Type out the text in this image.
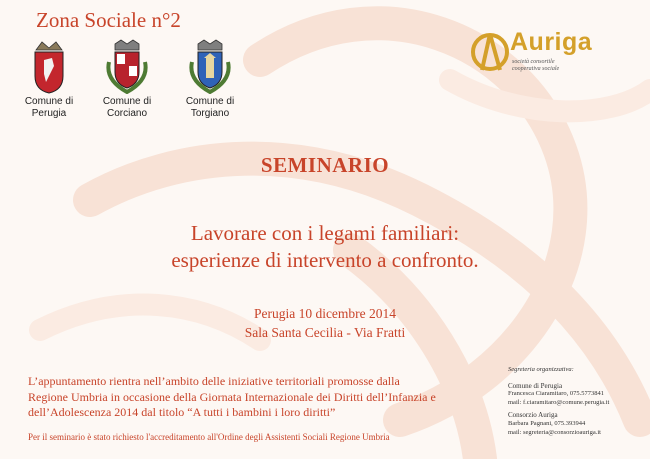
Zona Sociale n°2
Comune di
Perugia
Comune di
Corciano
Comune di
Torgiano
Auriga
società consortile
cooperativa sociale
SEMINARIO
Lavorare con i legami familiari:
esperienze di intervento a confronto.
Perugia 10 dicembre 2014
Sala Santa Cecilia - Via Fratti
L’appuntamento rientra nell’ambito delle iniziative territoriali promosse dalla
Regione Umbria in occasione della Giornata Internazionale dei Diritti dell’Infanzia e
dell’Adolescenza 2014 dal titolo “A tutti i bambini i loro diritti”
Per il seminario è stato richiesto l'accreditamento all'Ordine degli Assistenti Sociali Regione Umbria
Segreteria organizzativa:
Comune di Perugia
Francesca Ciaramitaro, 075.5773841
mail: f.ciaramitaro@comune.perugia.it
Consorzio Auriga
Barbara Pagnani, 075.393944
mail: segreteria@consorzioauriga.it
